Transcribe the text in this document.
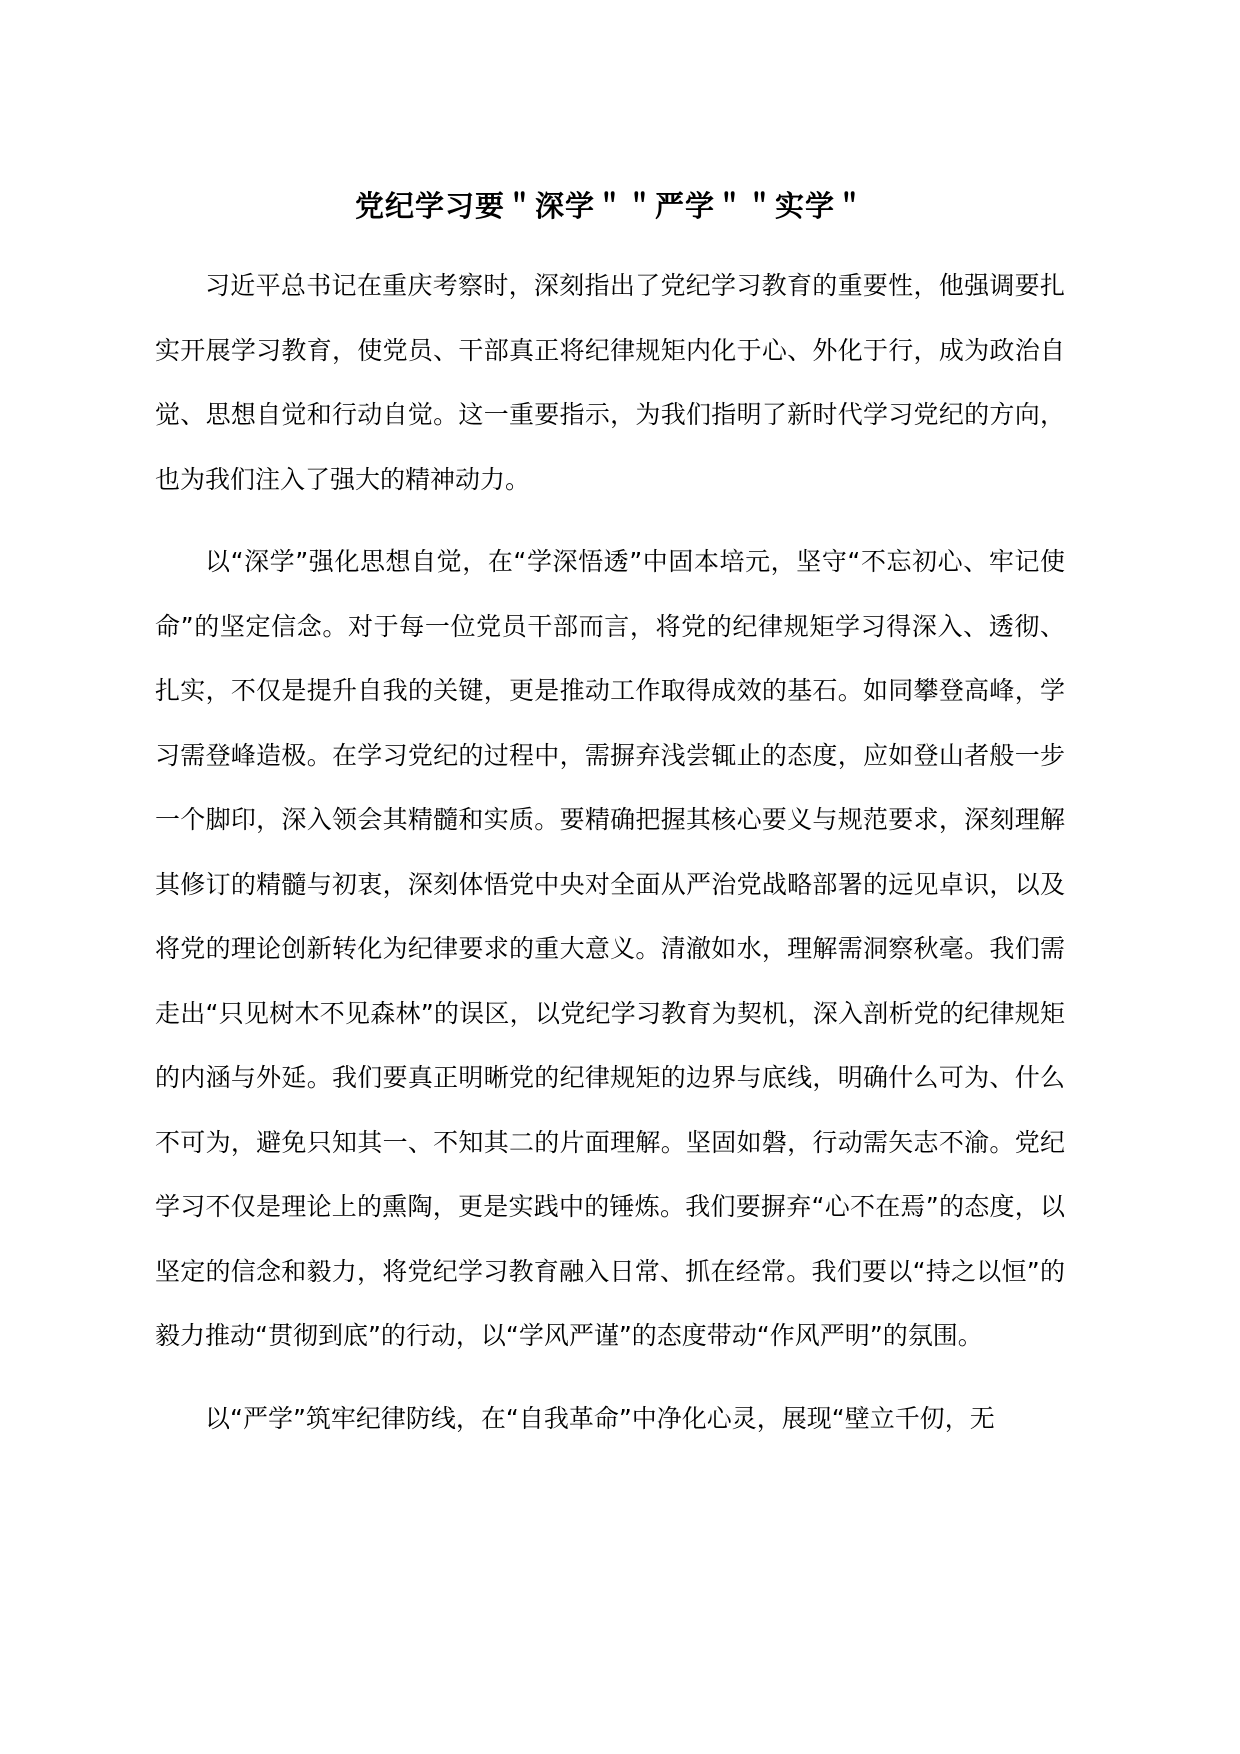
党纪学习要＂深学＂＂严学＂＂实学＂

习近平总书记在重庆考察时，深刻指出了党纪学习教育的重要性，他强调要扎实开展学习教育，使党员、干部真正将纪律规矩内化于心、外化于行，成为政治自觉、思想自觉和行动自觉。这一重要指示，为我们指明了新时代学习党纪的方向，也为我们注入了强大的精神动力。

以“深学”强化思想自觉，在“学深悟透”中固本培元，坚守“不忘初心、牢记使命”的坚定信念。对于每一位党员干部而言，将党的纪律规矩学习得深入、透彻、扎实，不仅是提升自我的关键，更是推动工作取得成效的基石。如同攀登高峰，学习需登峰造极。在学习党纪的过程中，需摒弃浅尝辄止的态度，应如登山者般一步一个脚印，深入领会其精髓和实质。要精确把握其核心要义与规范要求，深刻理解其修订的精髓与初衷，深刻体悟党中央对全面从严治党战略部署的远见卓识，以及将党的理论创新转化为纪律要求的重大意义。清澈如水，理解需洞察秋毫。我们需走出“只见树木不见森林”的误区，以党纪学习教育为契机，深入剖析党的纪律规矩的内涵与外延。我们要真正明晰党的纪律规矩的边界与底线，明确什么可为、什么不可为，避免只知其一、不知其二的片面理解。坚固如磐，行动需矢志不渝。党纪学习不仅是理论上的熏陶，更是实践中的锤炼。我们要摒弃“心不在焉”的态度，以坚定的信念和毅力，将党纪学习教育融入日常、抓在经常。我们要以“持之以恒”的毅力推动“贯彻到底”的行动，以“学风严谨”的态度带动“作风严明”的氛围。

以“严学”筑牢纪律防线，在“自我革命”中净化心灵，展现“壁立千仞，无
